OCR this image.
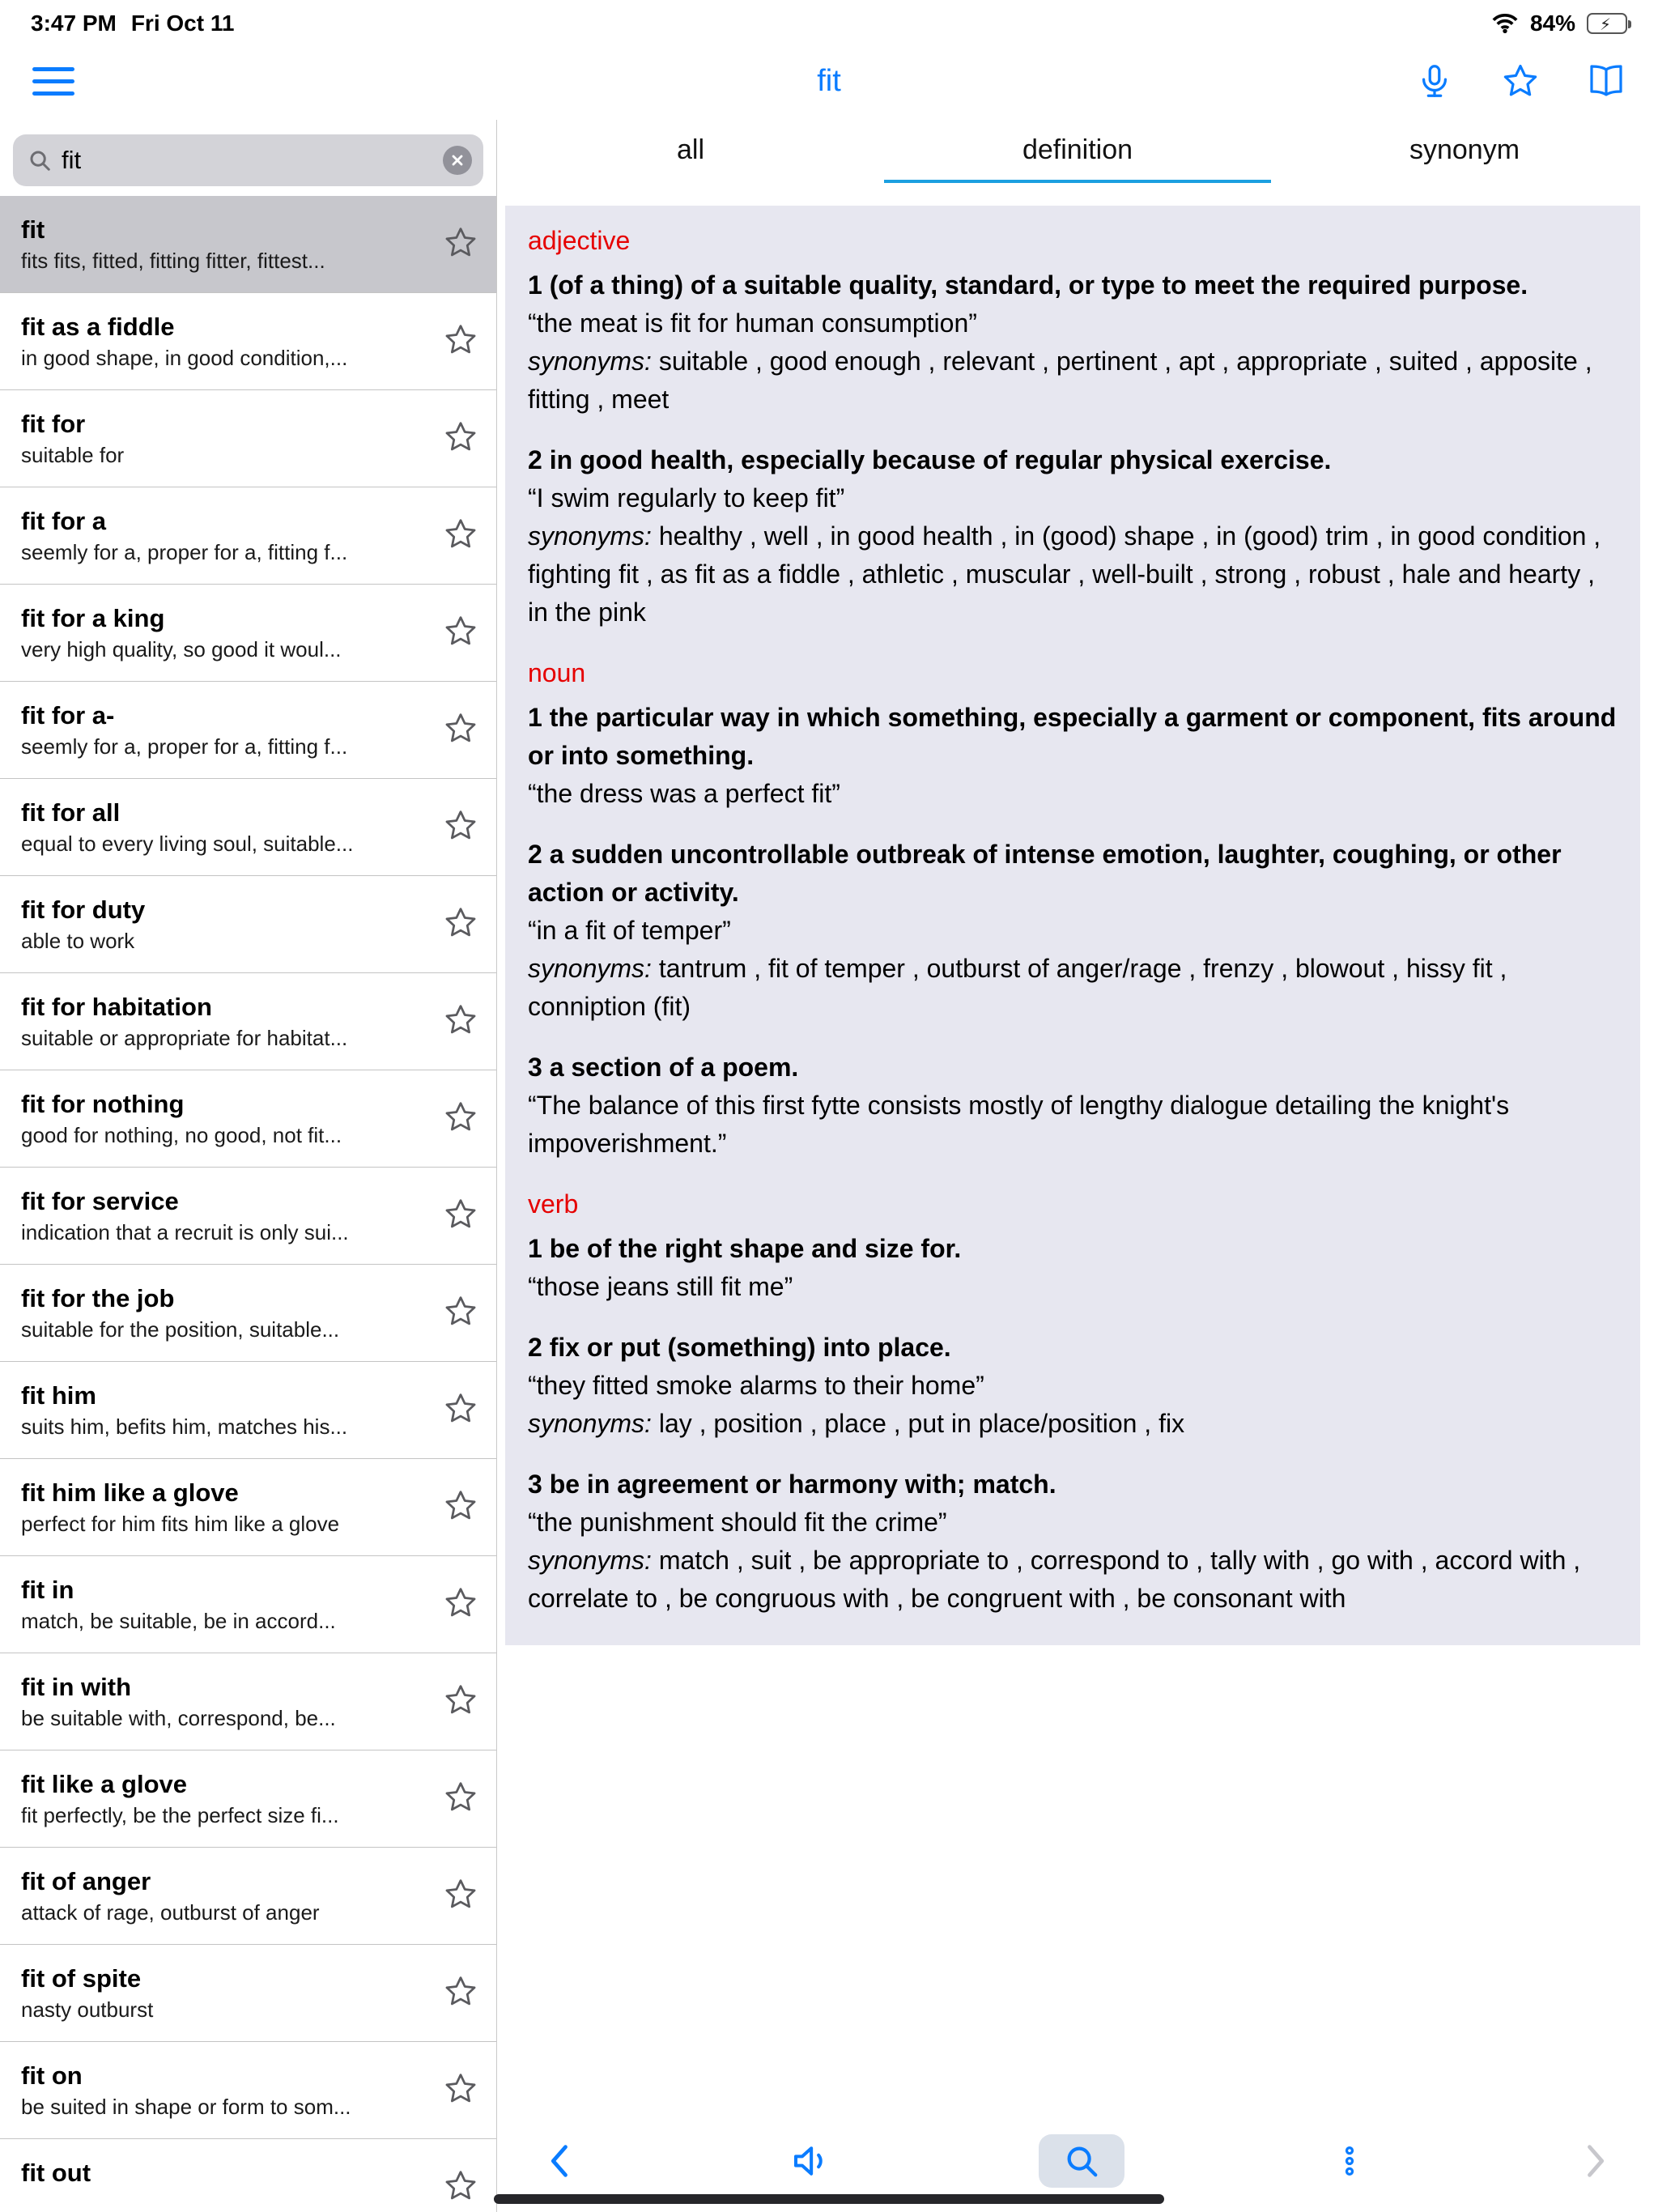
3:47 PM Fri Oct 11	84% ⚡
fit
fit
fit
fits fits, fitted, fitting fitter, fittest...
fit as a fiddle
in good shape, in good condition,...
fit for
suitable for
fit for a
seemly for a, proper for a, fitting f...
fit for a king
very high quality, so good it woul...
fit for a-
seemly for a, proper for a, fitting f...
fit for all
equal to every living soul, suitable...
fit for duty
able to work
fit for habitation
suitable or appropriate for habitat...
fit for nothing
good for nothing, no good, not fit...
fit for service
indication that a recruit is only sui...
fit for the job
suitable for the position, suitable...
fit him
suits him, befits him, matches his...
fit him like a glove
perfect for him fits him like a glove
fit in
match, be suitable, be in accord...
fit in with
be suitable with, correspond, be...
fit like a glove
fit perfectly, be the perfect size fi...
fit of anger
attack of rage, outburst of anger
fit of spite
nasty outburst
fit on
be suited in shape or form to som...
fit out
all	definition	synonym
adjective
1 (of a thing) of a suitable quality, standard, or type to meet the required purpose.
“the meat is fit for human consumption”
synonyms: suitable , good enough , relevant , pertinent , apt , appropriate , suited , apposite , fitting , meet
2 in good health, especially because of regular physical exercise.
“I swim regularly to keep fit”
synonyms: healthy , well , in good health , in (good) shape , in (good) trim , in good condition , fighting fit , as fit as a fiddle , athletic , muscular , well-built , strong , robust , hale and hearty , in the pink
noun
1 the particular way in which something, especially a garment or component, fits around or into something.
“the dress was a perfect fit”
2 a sudden uncontrollable outbreak of intense emotion, laughter, coughing, or other action or activity.
“in a fit of temper”
synonyms: tantrum , fit of temper , outburst of anger/rage , frenzy , blowout , hissy fit , conniption (fit)
3 a section of a poem.
“The balance of this first fytte consists mostly of lengthy dialogue detailing the knight's impoverishment.”
verb
1 be of the right shape and size for.
“those jeans still fit me”
2 fix or put (something) into place.
“they fitted smoke alarms to their home”
synonyms: lay , position , place , put in place/position , fix
3 be in agreement or harmony with; match.
“the punishment should fit the crime”
synonyms: match , suit , be appropriate to , correspond to , tally with , go with , accord with , correlate to , be congruous with , be congruent with , be consonant with
